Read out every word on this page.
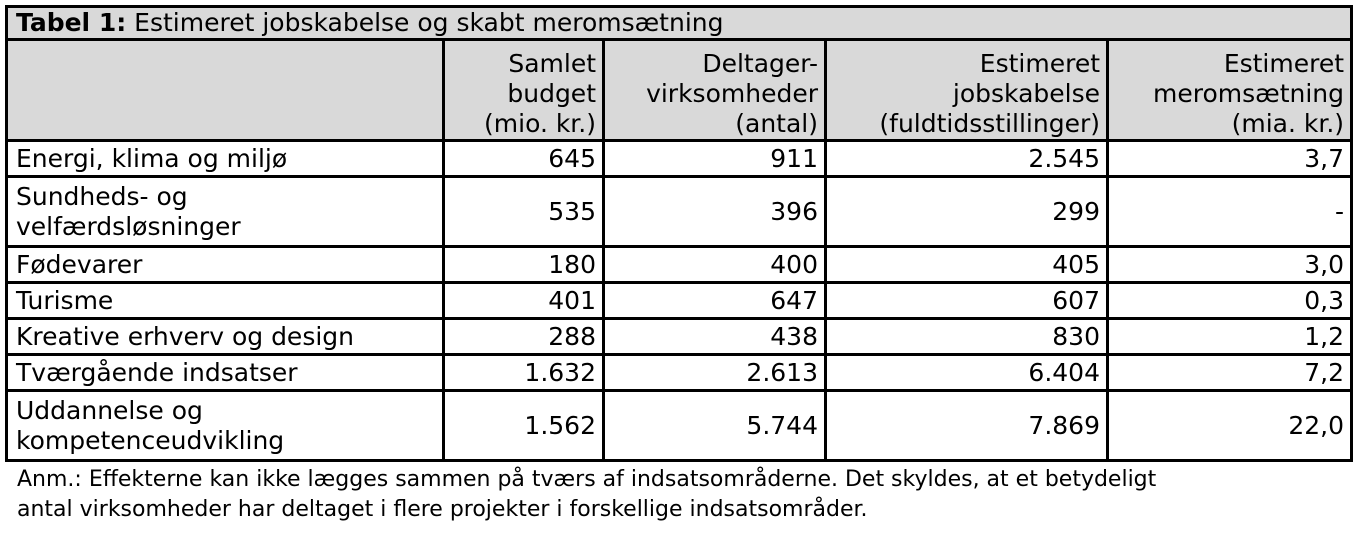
Tabel 1: Estimeret jobskabelse og skabt meromsætning				

	Samlet
budget
(mio. kr.)	Deltager-
virksomheder
(antal)	Estimeret
jobskabelse
(fuldtidsstillinger)	Estimeret
meromsætning
(mia. kr.)

Energi, klima og miljø	645	911	2.545	3,7

Sundheds- og
velfærdsløsninger	535	396	299	-

Fødevarer	180	400	405	3,0

Turisme	401	647	607	0,3

Kreative erhverv og design	288	438	830	1,2

Tværgående indsatser	1.632	2.613	6.404	7,2

Uddannelse og
kompetenceudvikling	1.562	5.744	7.869	22,0
Anm.: Effekterne kan ikke lægges sammen på tværs af indsatsområderne. Det skyldes, at et betydeligt
antal virksomheder har deltaget i flere projekter i forskellige indsatsområder.
